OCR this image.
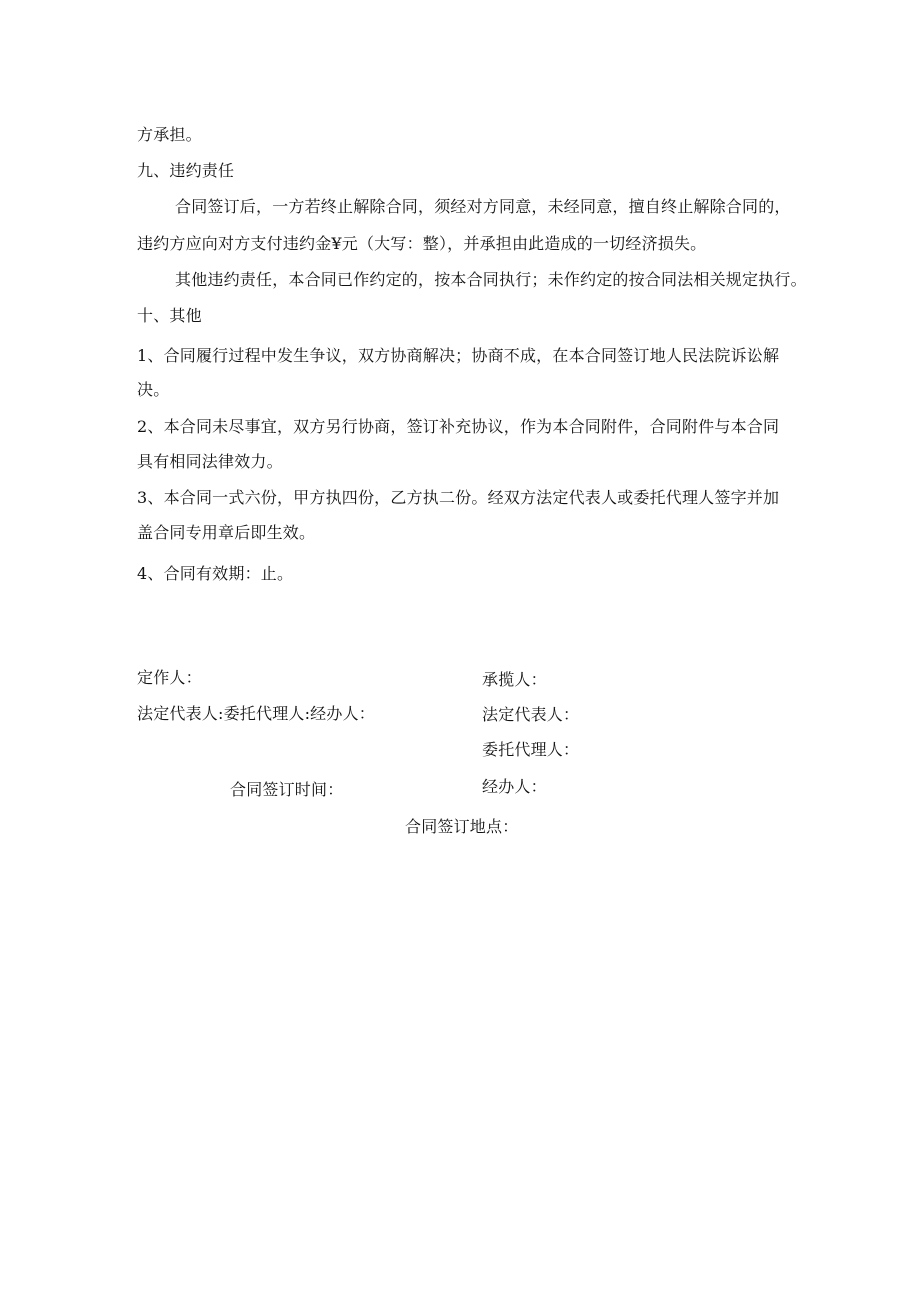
方承担。
九、违约责任
合同签订后，一方若终止解除合同，须经对方同意，未经同意，擅自终止解除合同的，
违约方应向对方支付违约金¥元（大写：整），并承担由此造成的一切经济损失。
其他违约责任，本合同已作约定的，按本合同执行；未作约定的按合同法相关规定执行。
十、其他
1、合同履行过程中发生争议，双方协商解决；协商不成，在本合同签订地人民法院诉讼解
决。
2、本合同未尽事宜，双方另行协商，签订补充协议，作为本合同附件，合同附件与本合同
具有相同法律效力。
3、本合同一式六份，甲方执四份，乙方执二份。经双方法定代表人或委托代理人签字并加
盖合同专用章后即生效。
4、合同有效期：止。
定作人：
法定代表人:委托代理人:经办人：
合同签订时间：
合同签订地点：
承揽人：
法定代表人：
委托代理人：
经办人：
